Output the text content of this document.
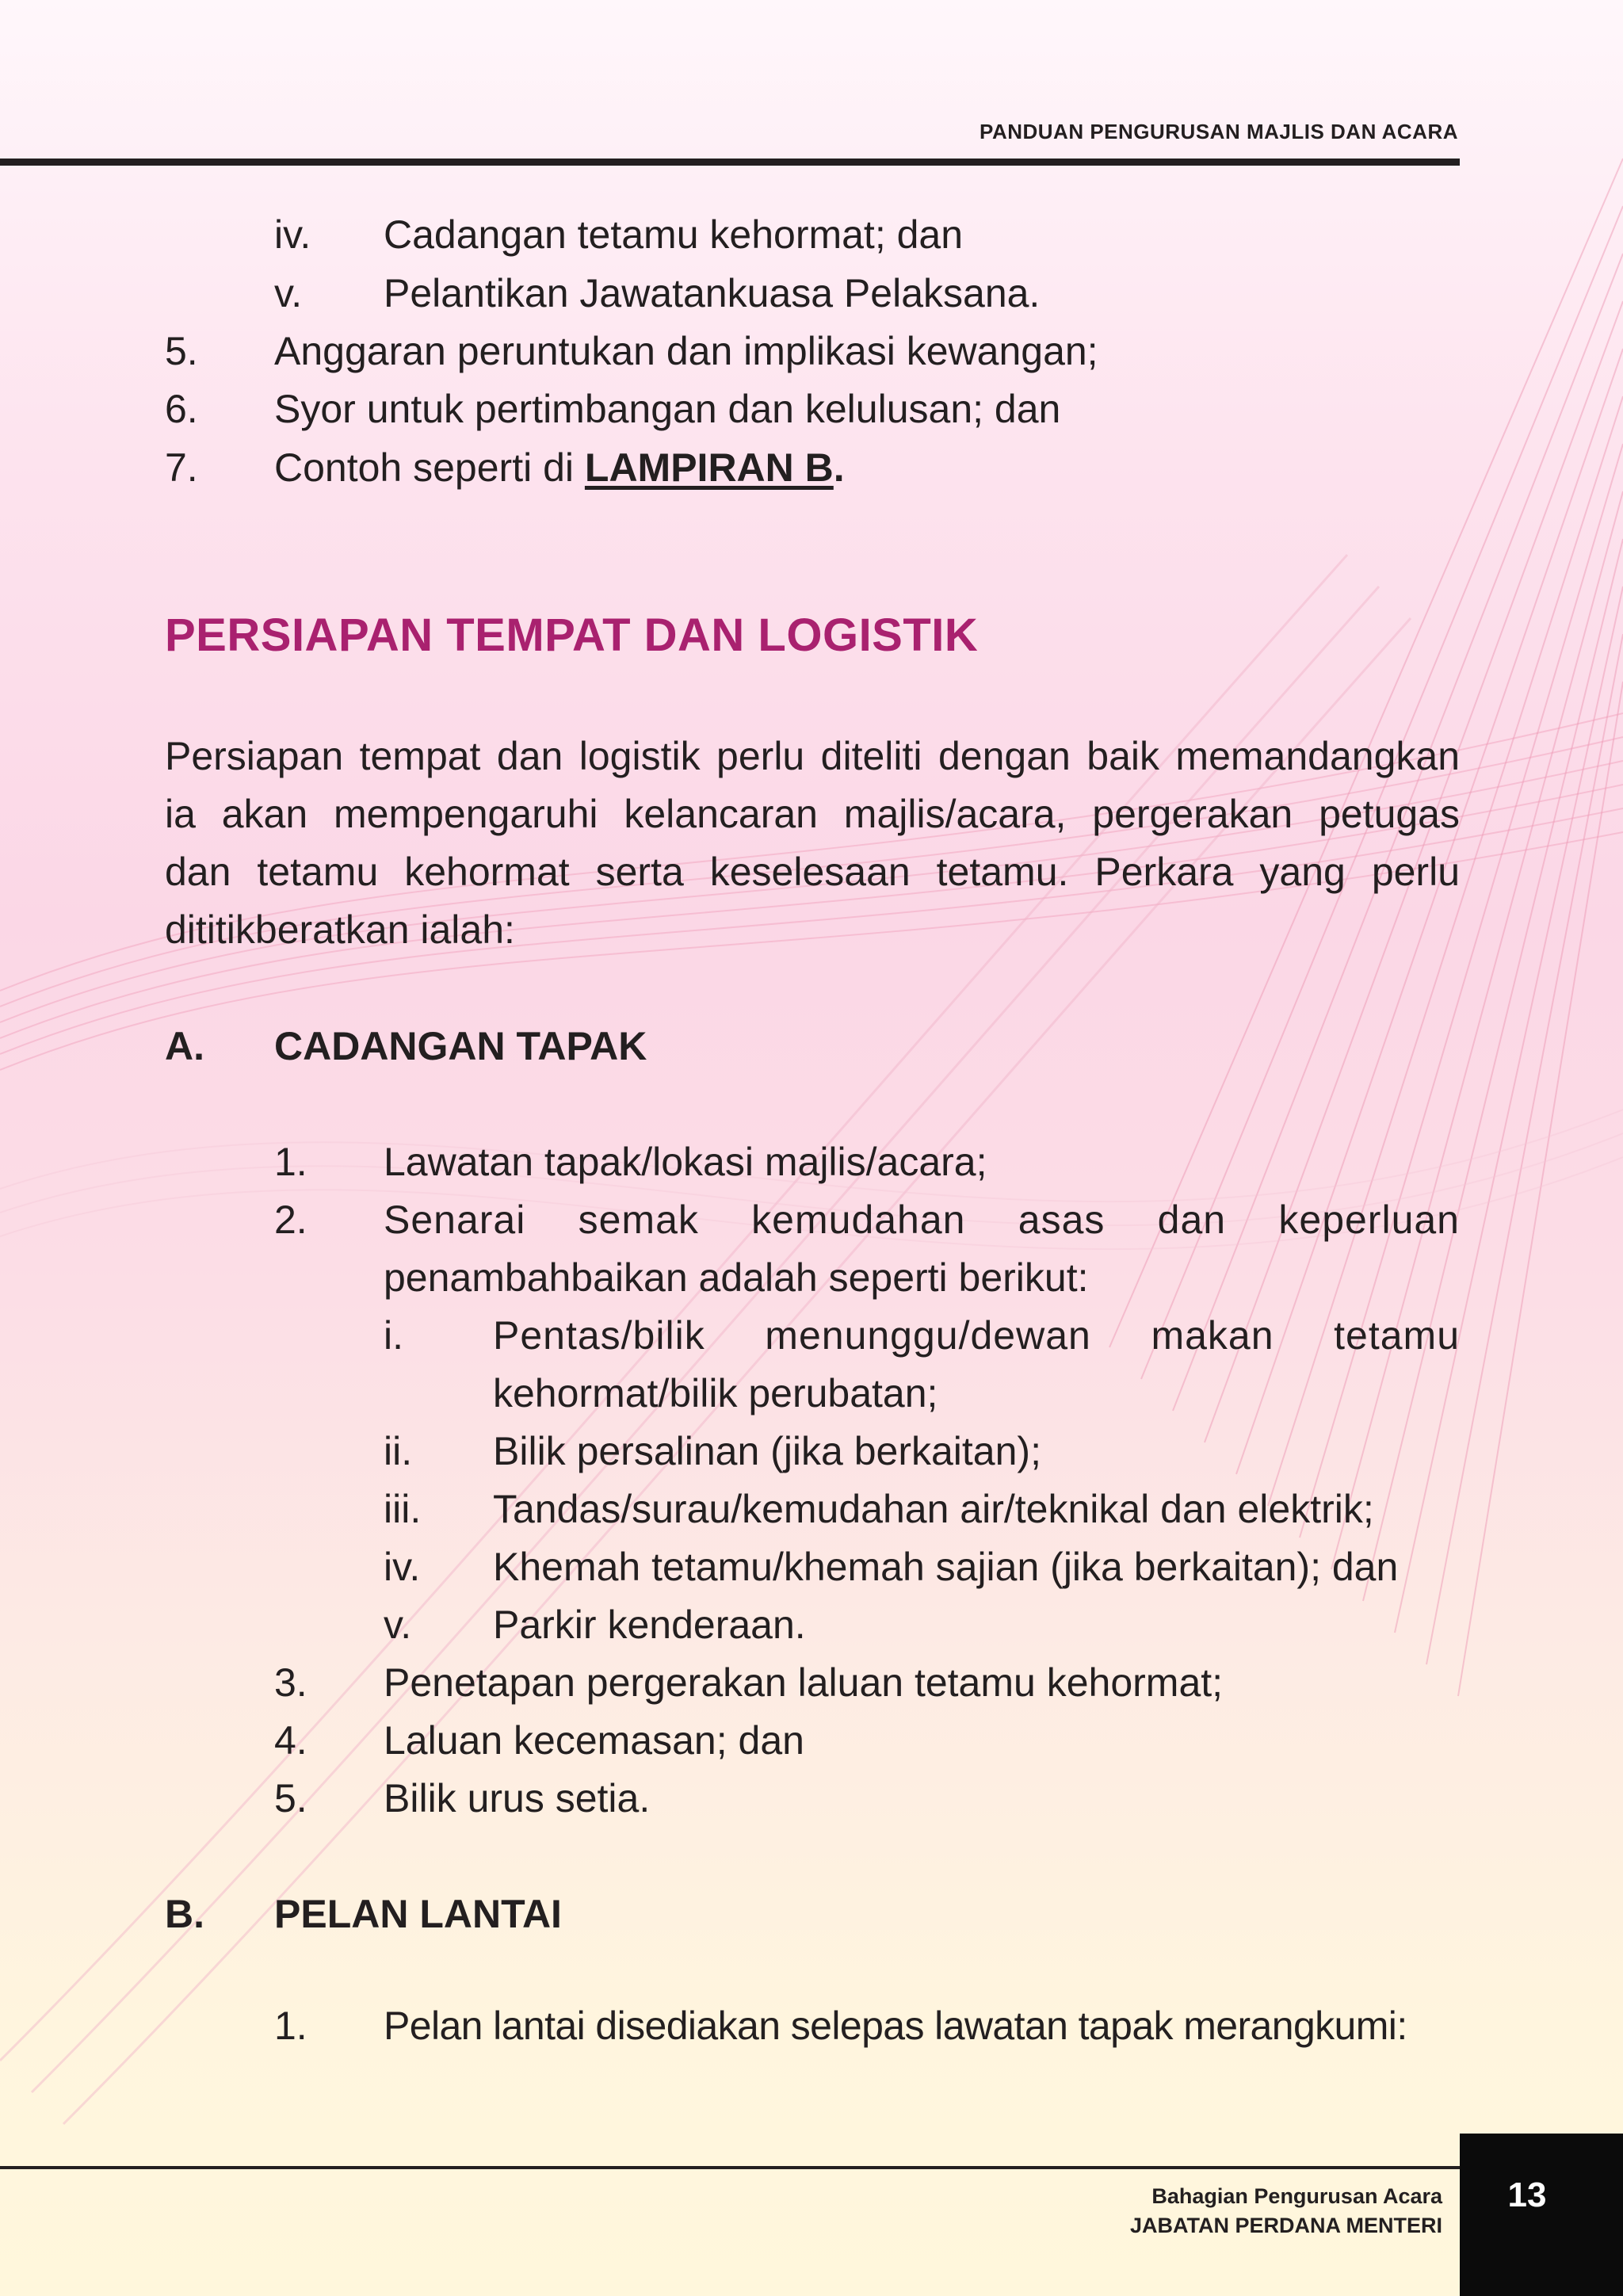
PANDUAN PENGURUSAN MAJLIS DAN ACARA
iv. Cadangan tetamu kehormat; dan
v. Pelantikan Jawatankuasa Pelaksana.
5. Anggaran peruntukan dan implikasi kewangan;
6. Syor untuk pertimbangan dan kelulusan; dan
7. Contoh seperti di LAMPIRAN B.
PERSIAPAN TEMPAT DAN LOGISTIK
Persiapan tempat dan logistik perlu diteliti dengan baik memandangkan
ia akan mempengaruhi kelancaran majlis/acara, pergerakan petugas
dan tetamu kehormat serta keselesaan tetamu. Perkara yang perlu
dititikberatkan ialah:
A. CADANGAN TAPAK
1. Lawatan tapak/lokasi majlis/acara;
2. Senarai semak kemudahan asas dan keperluan
penambahbaikan adalah seperti berikut:
i. Pentas/bilik menunggu/dewan makan tetamu
kehormat/bilik perubatan;
ii. Bilik persalinan (jika berkaitan);
iii. Tandas/surau/kemudahan air/teknikal dan elektrik;
iv. Khemah tetamu/khemah sajian (jika berkaitan); dan
v. Parkir kenderaan.
3. Penetapan pergerakan laluan tetamu kehormat;
4. Laluan kecemasan; dan
5. Bilik urus setia.
B. PELAN LANTAI
1. Pelan lantai disediakan selepas lawatan tapak merangkumi:
13
Bahagian Pengurusan Acara
JABATAN PERDANA MENTERI
